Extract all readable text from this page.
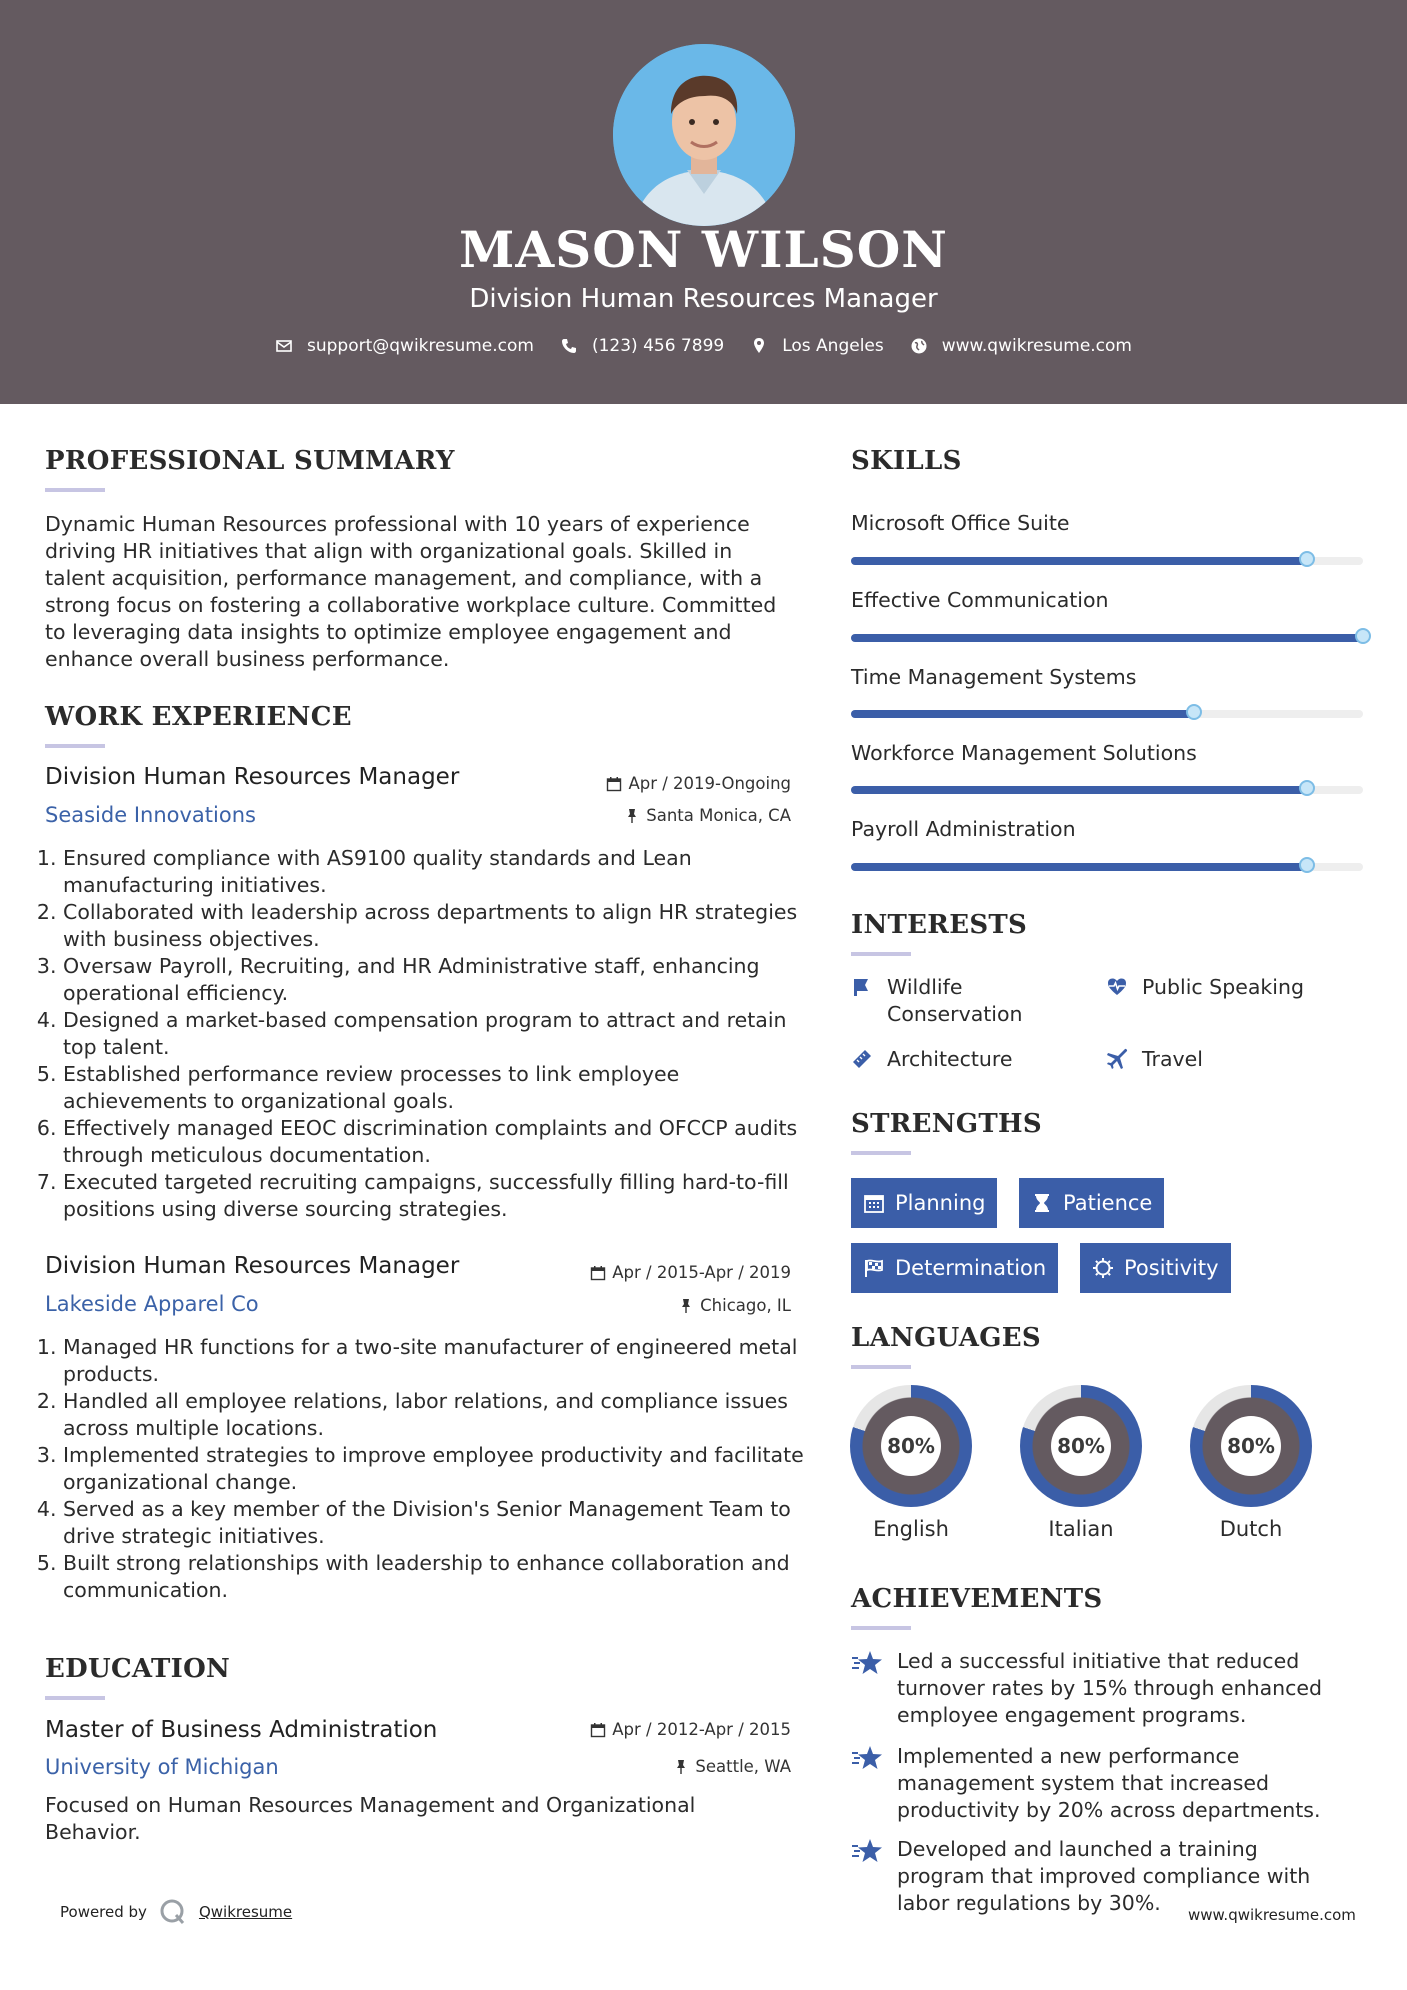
MASON WILSON
Division Human Resources Manager
support@qwikresume.com	(123) 456 7899	Los Angeles	www.qwikresume.com
PROFESSIONAL SUMMARY
Dynamic Human Resources professional with 10 years of experience driving HR initiatives that align with organizational goals. Skilled in talent acquisition, performance management, and compliance, with a strong focus on fostering a collaborative workplace culture. Committed to leveraging data insights to optimize employee engagement and enhance overall business performance.
WORK EXPERIENCE
Division Human Resources Manager	Apr / 2019-Ongoing
Seaside Innovations	Santa Monica, CA
1. Ensured compliance with AS9100 quality standards and Lean manufacturing initiatives.
2. Collaborated with leadership across departments to align HR strategies with business objectives.
3. Oversaw Payroll, Recruiting, and HR Administrative staff, enhancing operational efficiency.
4. Designed a market-based compensation program to attract and retain top talent.
5. Established performance review processes to link employee achievements to organizational goals.
6. Effectively managed EEOC discrimination complaints and OFCCP audits through meticulous documentation.
7. Executed targeted recruiting campaigns, successfully filling hard-to-fill positions using diverse sourcing strategies.
Division Human Resources Manager	Apr / 2015-Apr / 2019
Lakeside Apparel Co	Chicago, IL
1. Managed HR functions for a two-site manufacturer of engineered metal products.
2. Handled all employee relations, labor relations, and compliance issues across multiple locations.
3. Implemented strategies to improve employee productivity and facilitate organizational change.
4. Served as a key member of the Division's Senior Management Team to drive strategic initiatives.
5. Built strong relationships with leadership to enhance collaboration and communication.
EDUCATION
Master of Business Administration	Apr / 2012-Apr / 2015
University of Michigan	Seattle, WA
Focused on Human Resources Management and Organizational Behavior.
SKILLS
Microsoft Office Suite
Effective Communication
Time Management Systems
Workforce Management Solutions
Payroll Administration
INTERESTS
Wildlife Conservation
Public Speaking
Architecture	Travel
STRENGTHS
Planning	Patience
Determination	Positivity
LANGUAGES
80%
English
80%
Italian
80%
Dutch
ACHIEVEMENTS
Led a successful initiative that reduced turnover rates by 15% through enhanced employee engagement programs.
Implemented a new performance management system that increased productivity by 20% across departments.
Developed and launched a training program that improved compliance with labor regulations by 30%.
Powered by	Qwikresume	www.qwikresume.com
